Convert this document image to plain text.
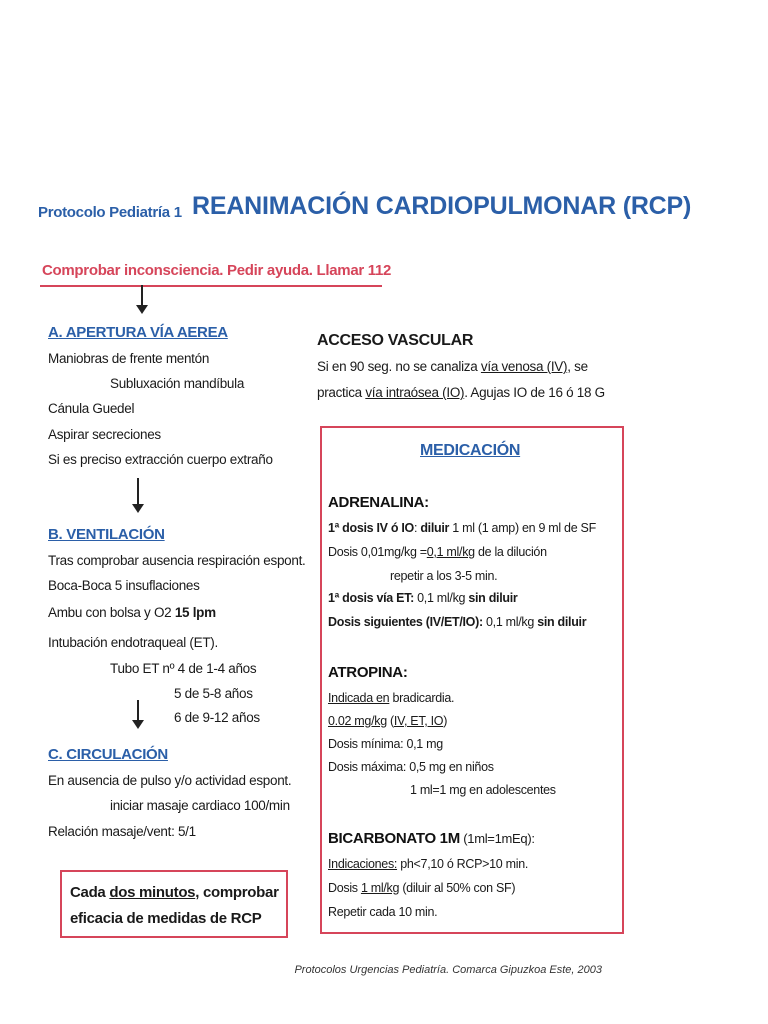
Protocolo Pediatría 1 REANIMACIÓN CARDIOPULMONAR (RCP)
Comprobar inconsciencia. Pedir ayuda. Llamar 112
A. APERTURA VÍA AEREA
Maniobras de frente mentón
Subluxación mandíbula
Cánula Guedel
Aspirar secreciones
Si es preciso extracción cuerpo extraño
B. VENTILACIÓN
Tras comprobar ausencia respiración espont.
Boca-Boca 5 insuflaciones
Ambu con bolsa y O2 15 lpm
Intubación endotraqueal (ET).
Tubo ET nº 4 de 1-4 años
5 de 5-8 años
6 de 9-12 años
C. CIRCULACIÓN
En ausencia de pulso y/o actividad espont.
iniciar masaje cardiaco 100/min
Relación masaje/vent: 5/1
Cada dos minutos, comprobar
eficacia de medidas de RCP
ACCESO VASCULAR
Si en 90 seg. no se canaliza vía venosa (IV), se
practica vía intraósea (IO). Agujas IO de 16 ó 18 G
MEDICACIÓN
ADRENALINA:
1ª dosis IV ó IO: diluir 1 ml (1 amp) en 9 ml de SF
Dosis 0,01mg/kg =0,1 ml/kg de la dilución
repetir a los 3-5 min.
1ª dosis vía ET: 0,1 ml/kg sin diluir
Dosis siguientes (IV/ET/IO): 0,1 ml/kg sin diluir
ATROPINA:
Indicada en bradicardia.
0.02 mg/kg (IV, ET, IO)
Dosis mínima: 0,1 mg
Dosis máxima: 0,5 mg en niños
1 ml=1 mg en adolescentes
BICARBONATO 1M (1ml=1mEq):
Indicaciones: ph<7,10 ó RCP>10 min.
Dosis 1 ml/kg (diluir al 50% con SF)
Repetir cada 10 min.
Protocolos Urgencias Pediatría. Comarca Gipuzkoa Este, 2003
